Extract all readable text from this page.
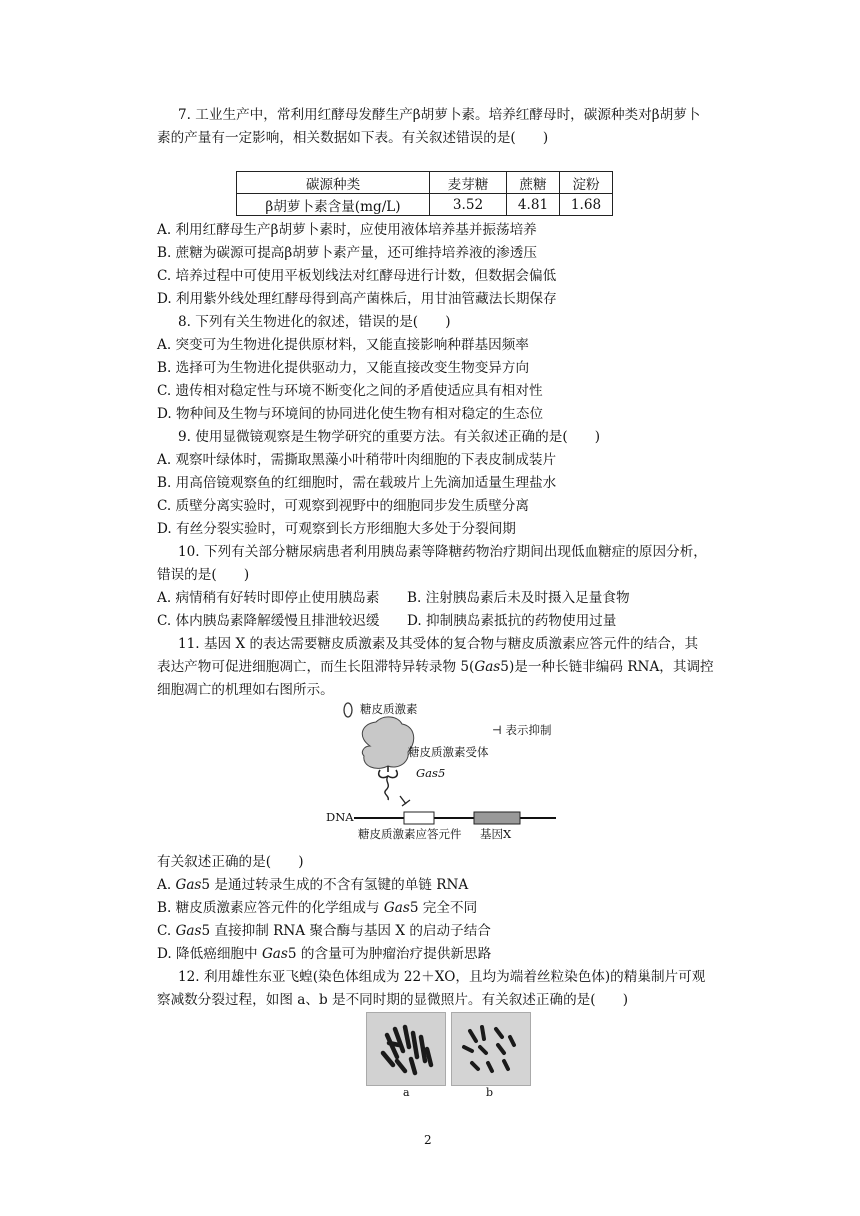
7. 工业生产中，常利用红酵母发酵生产β胡萝卜素。培养红酵母时，碳源种类对β胡萝卜
素的产量有一定影响，相关数据如下表。有关叙述错误的是(　　)
碳源种类	麦芽糖	蔗糖	淀粉
β胡萝卜素含量(mg/L)	3.52	4.81	1.68
A. 利用红酵母生产β胡萝卜素时，应使用液体培养基并振荡培养
B. 蔗糖为碳源可提高β胡萝卜素产量，还可维持培养液的渗透压
C. 培养过程中可使用平板划线法对红酵母进行计数，但数据会偏低
D. 利用紫外线处理红酵母得到高产菌株后，用甘油管藏法长期保存
8. 下列有关生物进化的叙述，错误的是(　　)
A. 突变可为生物进化提供原材料，又能直接影响种群基因频率
B. 选择可为生物进化提供驱动力，又能直接改变生物变异方向
C. 遗传相对稳定性与环境不断变化之间的矛盾使适应具有相对性
D. 物种间及生物与环境间的协同进化使生物有相对稳定的生态位
9. 使用显微镜观察是生物学研究的重要方法。有关叙述正确的是(　　)
A. 观察叶绿体时，需撕取黑藻小叶稍带叶肉细胞的下表皮制成装片
B. 用高倍镜观察鱼的红细胞时，需在载玻片上先滴加适量生理盐水
C. 质壁分离实验时，可观察到视野中的细胞同步发生质壁分离
D. 有丝分裂实验时，可观察到长方形细胞大多处于分裂间期
10. 下列有关部分糖尿病患者利用胰岛素等降糖药物治疗期间出现低血糖症的原因分析，
错误的是(　　)
A. 病情稍有好转时即停止使用胰岛素 B. 注射胰岛素后未及时摄入足量食物
C. 体内胰岛素降解缓慢且排泄较迟缓 D. 抑制胰岛素抵抗的药物使用过量
11. 基因 X 的表达需要糖皮质激素及其受体的复合物与糖皮质激素应答元件的结合，其
表达产物可促进细胞凋亡，而生长阻滞特异转录物 5(Gas5)是一种长链非编码 RNA，其调控
细胞凋亡的机理如右图所示。
糖皮质激素
⊣ 表示抑制
糖皮质激素受体
Gas5
DNA
糖皮质激素应答元件 基因X
有关叙述正确的是(　　)
A. Gas5 是通过转录生成的不含有氢键的单链 RNA
B. 糖皮质激素应答元件的化学组成与 Gas5 完全不同
C. Gas5 直接抑制 RNA 聚合酶与基因 X 的启动子结合
D. 降低癌细胞中 Gas5 的含量可为肿瘤治疗提供新思路
12. 利用雄性东亚飞蝗(染色体组成为 22＋XO，且均为端着丝粒染色体)的精巢制片可观
察减数分裂过程，如图 a、b 是不同时期的显微照片。有关叙述正确的是(　　)
a	b
2
